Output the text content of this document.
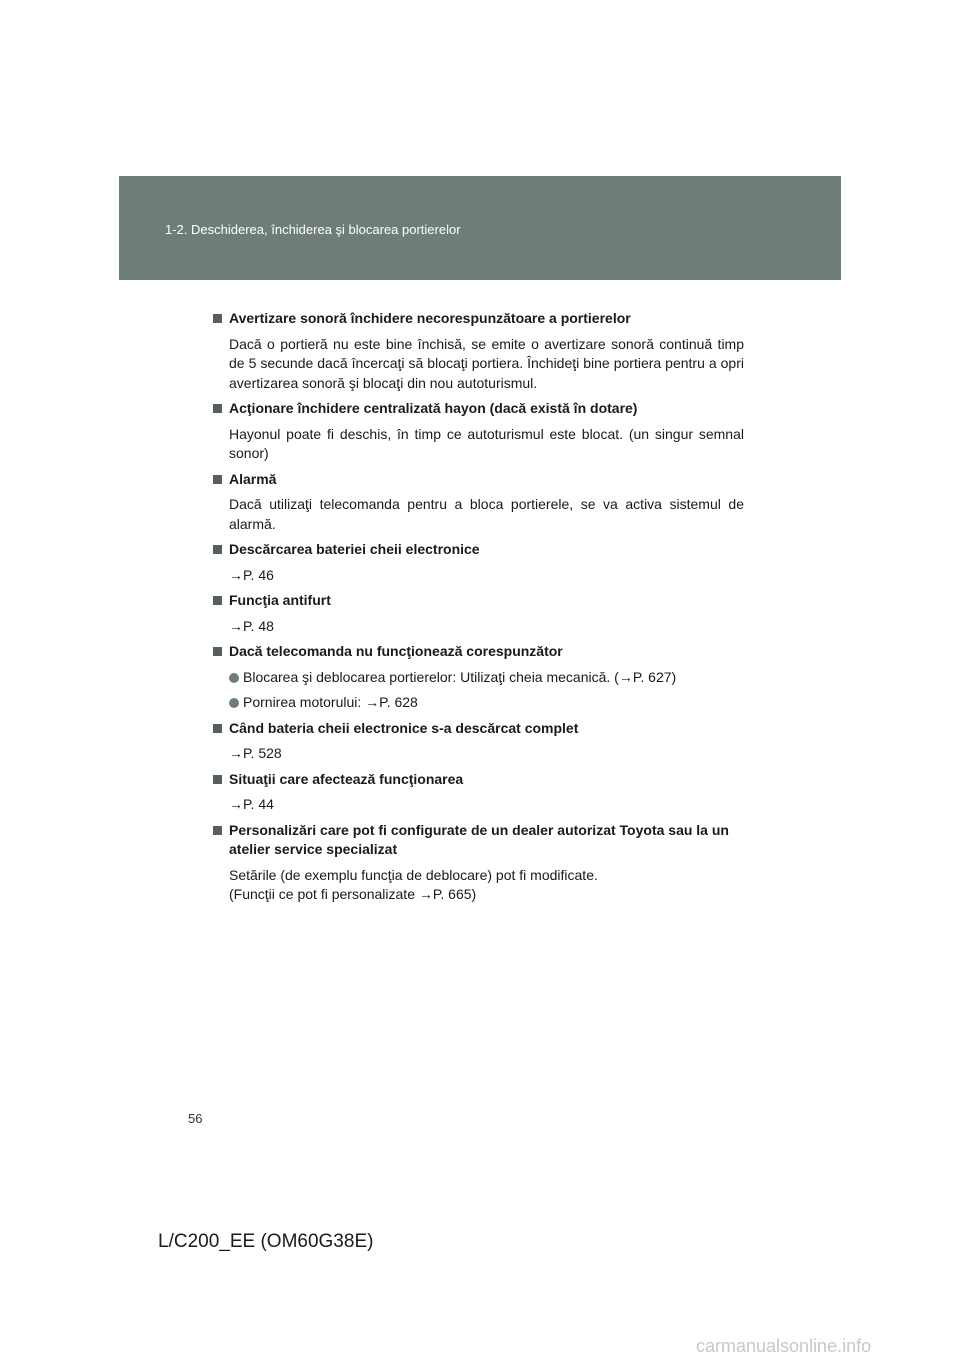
1-2. Deschiderea, închiderea şi blocarea portierelor
Avertizare sonoră închidere necorespunzătoare a portierelor
Dacă o portieră nu este bine închisă, se emite o avertizare sonoră continuă timp de 5 secunde dacă încercaţi să blocaţi portiera. Închideţi bine portiera pentru a opri avertizarea sonoră şi blocaţi din nou autoturismul.
Acţionare închidere centralizată hayon (dacă există în dotare)
Hayonul poate fi deschis, în timp ce autoturismul este blocat. (un singur semnal sonor)
Alarmă
Dacă utilizaţi telecomanda pentru a bloca portierele, se va activa sistemul de alarmă.
Descărcarea bateriei cheii electronice
→P. 46
Funcţia antifurt
→P. 48
Dacă telecomanda nu funcţionează corespunzător
Blocarea şi deblocarea portierelor: Utilizaţi cheia mecanică. (→P. 627)
Pornirea motorului: →P. 628
Când bateria cheii electronice s-a descărcat complet
→P. 528
Situaţii care afectează funcţionarea
→P. 44
Personalizări care pot fi configurate de un dealer autorizat Toyota sau la un atelier service specializat
Setările (de exemplu funcţia de deblocare) pot fi modificate.
(Funcţii ce pot fi personalizate →P. 665)
56
L/C200_EE (OM60G38E)
carmanualsonline.info
